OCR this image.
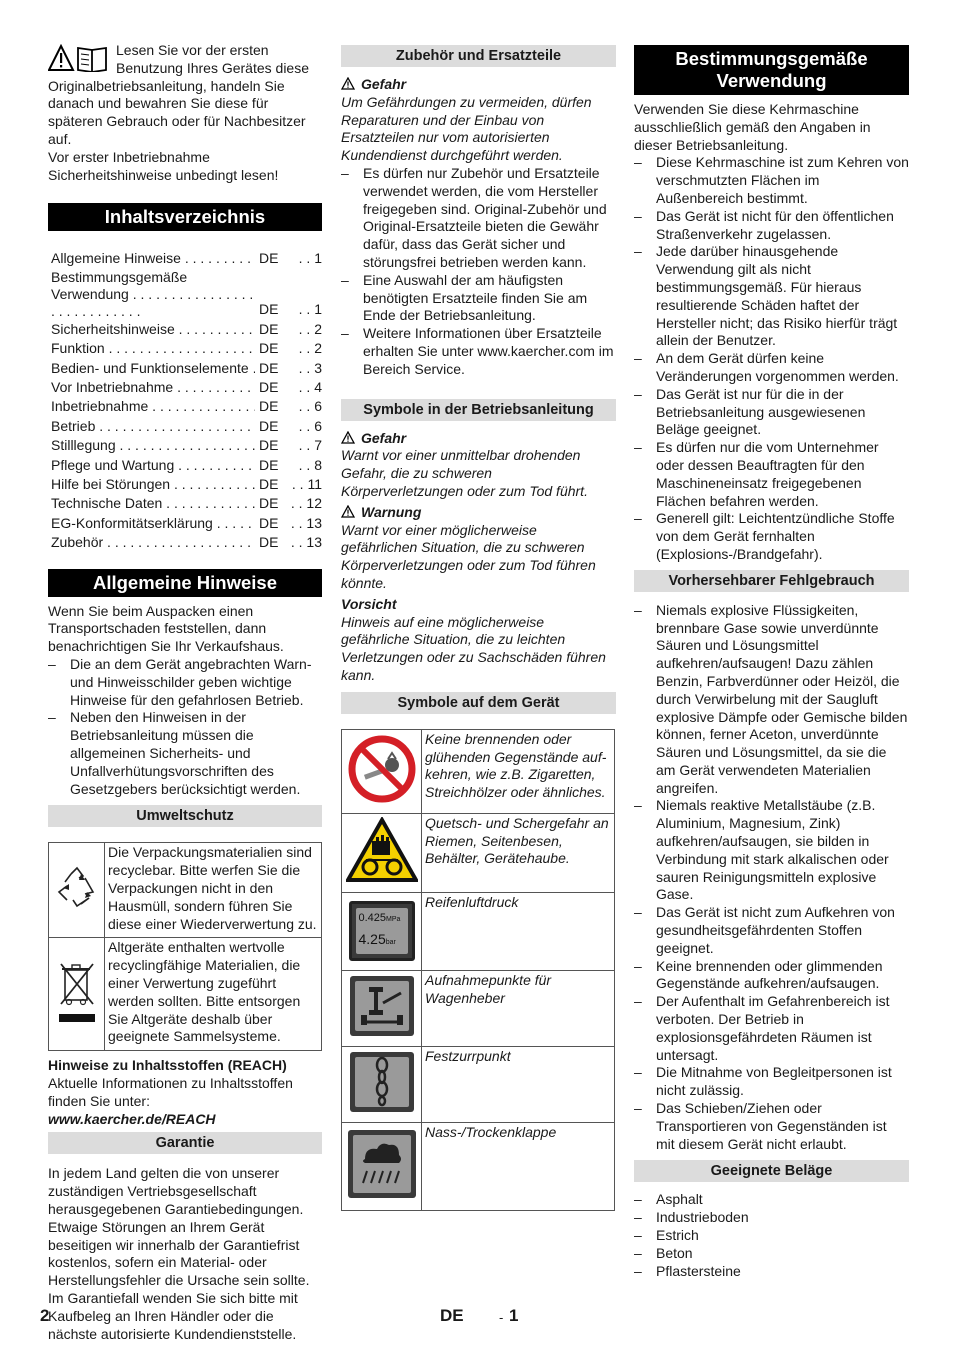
Lesen Sie vor der ersten Benutzung Ihres Gerätes diese Originalbetriebsanleitung, handeln Sie danach und bewahren Sie diese für späteren Gebrauch oder für Nachbesitzer auf.

Vor erster Inbetriebnahme Sicherheitshinweise unbedingt lesen!

Inhaltsverzeichnis
Allgemeine Hinweise . . .	DE	. . 1
Bestimmungsgemäße Verwendung . . .
DE	. . 1
Sicherheitshinweise . . .	DE	. . 2
Funktion . . .	DE	. . 2
Bedien- und Funktionselemente . . . DE	. . 3
Vor Inbetriebnahme . . .	DE	. . 4
Inbetriebnahme . . .	DE	. . 6
Betrieb . . .	DE	. . 6
Stilllegung . . .	DE	. . 7
Pflege und Wartung . . .	DE	. . 8
Hilfe bei Störungen . . .	DE . . 11
Technische Daten . . .	DE . . 12
EG-Konformitätserklärung . . .	DE . . 13
Zubehör . . .	DE . . 13
Allgemeine Hinweise

Wenn Sie beim Auspacken einen Transportschaden feststellen, dann benachrichtigen Sie Ihr Verkaufshaus.

– Die an dem Gerät angebrachten Warn- und Hinweisschilder geben wichtige Hinweise für den gefahrlosen Betrieb.
– Neben den Hinweisen in der Betriebsanleitung müssen die allgemeinen Sicherheits- und Unfallverhütungsvorschriften des Gesetzgebers berücksichtigt werden.
Umweltschutz
	Die Verpackungsmaterialien sind recyclebar. Bitte werfen Sie die Verpackungen nicht in den Hausmüll, sondern führen Sie diese einer Wiederverwertung zu.
	Altgeräte enthalten wertvolle recyclingfähige Materialien, die einer Verwertung zugeführt werden sollten. Bitte entsorgen Sie Altgeräte deshalb über geeignete Sammelsysteme.

Hinweise zu Inhaltsstoffen (REACH)

Aktuelle Informationen zu Inhaltsstoffen finden Sie unter:

www.kaercher.de/REACH

Garantie

In jedem Land gelten die von unserer zuständigen Vertriebsgesellschaft herausgegebenen Garantiebedingungen. Etwaige Störungen an Ihrem Gerät beseitigen wir innerhalb der Garantiefrist kostenlos, sofern ein Material- oder Herstellungsfehler die Ursache sein sollte. Im Garantiefall wenden Sie sich bitte mit Kaufbeleg an Ihren Händler oder die nächste autorisierte Kundendienststelle.

Zubehör und Ersatzteile

Gefahr

Um Gefährdungen zu vermeiden, dürfen Reparaturen und der Einbau von Ersatzteilen nur vom autorisierten Kundendienst durchgeführt werden.

– Es dürfen nur Zubehör und Ersatzteile verwendet werden, die vom Hersteller freigegeben sind. Original-Zubehör und Original-Ersatzteile bieten die Gewähr dafür, dass das Gerät sicher und störungsfrei betrieben werden kann.
– Eine Auswahl der am häufigsten benötigten Ersatzteile finden Sie am Ende der Betriebsanleitung.
– Weitere Informationen über Ersatzteile erhalten Sie unter www.kaercher.com im Bereich Service.
Symbole in der Betriebsanleitung

Gefahr

Warnt vor einer unmittelbar drohenden Gefahr, die zu schweren Körperverletzungen oder zum Tod führt.

Warnung

Warnt vor einer möglicherweise gefährlichen Situation, die zu schweren Körperverletzungen oder zum Tod führen könnte.

Vorsicht

Hinweis auf eine möglicherweise gefährliche Situation, die zu leichten Verletzungen oder zu Sachschäden führen kann.

Symbole auf dem Gerät
	Keine brennenden oder glühenden Gegenstände auf-kehren, wie z.B. Zigaretten, Streichhölzer oder ähnliches.
	Quetsch- und Schergefahr an Riemen, Seitenbesen, Behälter, Gerätehaube.

0.425MPa
4.25bar	Reifenluftdruck
	Aufnahmepunkte für Wagenheber
	Festzurrpunkt
	Nass-/Trockenklappe
Bestimmungsgemäße Verwendung

Verwenden Sie diese Kehrmaschine ausschließlich gemäß den Angaben in dieser Betriebsanleitung.

– Diese Kehrmaschine ist zum Kehren von verschmutzten Flächen im Außenbereich bestimmt.
– Das Gerät ist nicht für den öffentlichen Straßenverkehr zugelassen.
– Jede darüber hinausgehende Verwendung gilt als nicht bestimmungsgemäß. Für hieraus resultierende Schäden haftet der Hersteller nicht; das Risiko hierfür trägt allein der Benutzer.
– An dem Gerät dürfen keine Veränderungen vorgenommen werden.
– Das Gerät ist nur für die in der Betriebsanleitung ausgewiesenen Beläge geeignet.
– Es dürfen nur die vom Unternehmer oder dessen Beauftragten für den Maschineneinsatz freigegebenen Flächen befahren werden.
– Generell gilt: Leichtentzündliche Stoffe von dem Gerät fernhalten (Explosions-/Brandgefahr).
Vorhersehbarer Fehlgebrauch
– Niemals explosive Flüssigkeiten, brennbare Gase sowie unverdünnte Säuren und Lösungsmittel aufkehren/aufsaugen! Dazu zählen Benzin, Farbverdünner oder Heizöl, die durch Verwirbelung mit der Saugluft explosive Dämpfe oder Gemische bilden können, ferner Aceton, unverdünnte Säuren und Lösungsmittel, da sie die am Gerät verwendeten Materialien angreifen.
– Niemals reaktive Metallstäube (z.B. Aluminium, Magnesium, Zink) aufkehren/aufsaugen, sie bilden in Verbindung mit stark alkalischen oder sauren Reinigungsmitteln explosive Gase.
– Das Gerät ist nicht zum Aufkehren von gesundheitsgefährdenten Stoffen geeignet.
– Keine brennenden oder glimmenden Gegenstände aufkehren/aufsaugen.
– Der Aufenthalt im Gefahrenbereich ist verboten. Der Betrieb in explosionsgefährdeten Räumen ist untersagt.
– Die Mitnahme von Begleitpersonen ist nicht zulässig.
– Das Schieben/Ziehen oder Transportieren von Gegenständen ist mit diesem Gerät nicht erlaubt.
Geeignete Beläge
– Asphalt
– Industrieboden
– Estrich
– Beton
– Pflastersteine
2	DE	- 1
